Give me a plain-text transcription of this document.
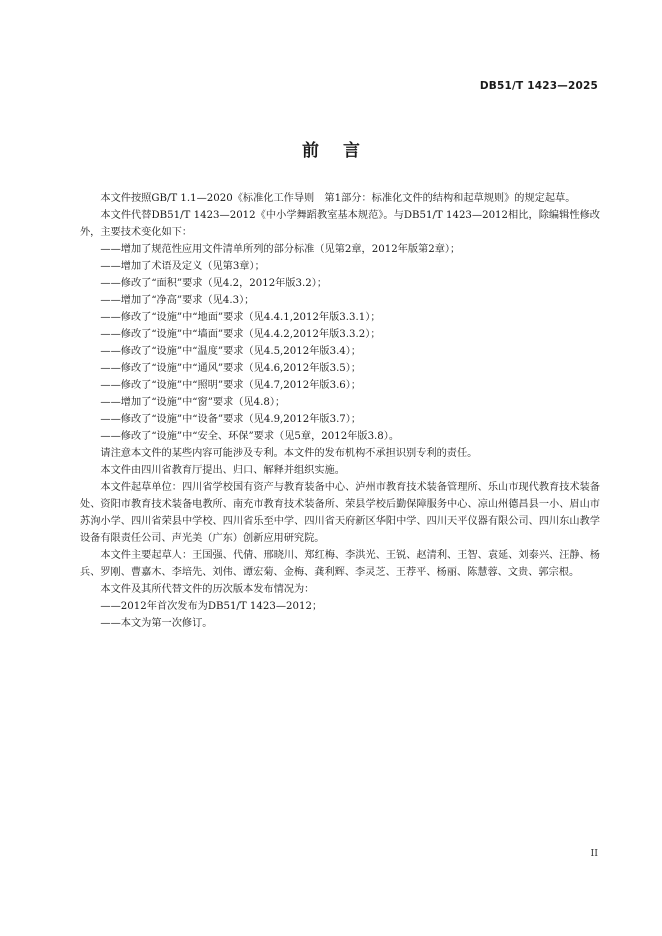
DB51/T 1423—2025
前言

本文件按照GB/T 1.1—2020《标准化工作导则　第1部分：标准化文件的结构和起草规则》的规定起草。

本文件代替DB51/T 1423—2012《中小学舞蹈教室基本规范》。与DB51/T 1423—2012相比，除编辑性修改外，主要技术变化如下：

——增加了规范性应用文件清单所列的部分标准（见第2章，2012年版第2章）；

——增加了术语及定义（见第3章）；

——修改了“面积”要求（见4.2，2012年版3.2）；

——增加了“净高”要求（见4.3）；

——修改了“设施”中“地面”要求（见4.4.1,2012年版3.3.1）；

——修改了“设施”中“墙面”要求（见4.4.2,2012年版3.3.2）；

——修改了“设施”中“温度”要求（见4.5,2012年版3.4）；

——修改了“设施”中“通风”要求（见4.6,2012年版3.5）；

——修改了“设施”中“照明”要求（见4.7,2012年版3.6）；

——增加了“设施”中“窗”要求（见4.8）；

——修改了“设施”中“设备”要求（见4.9,2012年版3.7）；

——修改了“设施”中“安全、环保”要求（见5章，2012年版3.8）。

请注意本文件的某些内容可能涉及专利。本文件的发布机构不承担识别专利的责任。

本文件由四川省教育厅提出、归口、解释并组织实施。

本文件起草单位：四川省学校国有资产与教育装备中心、泸州市教育技术装备管理所、乐山市现代教育技术装备处、资阳市教育技术装备电教所、南充市教育技术装备所、荣县学校后勤保障服务中心、凉山州德昌县一小、眉山市苏洵小学、四川省荣县中学校、四川省乐至中学、四川省天府新区华阳中学、四川天平仪器有限公司、四川东山教学设备有限责任公司、声光美（广东）创新应用研究院。

本文件主要起草人：王国强、代倩、邢晓川、郑红梅、李洪光、王锐、赵清利、王智、袁延、刘泰兴、汪静、杨兵、罗刚、曹嘉木、李培先、刘伟、谭宏菊、金梅、龚利辉、李灵芝、王荐平、杨丽、陈慧蓉、文贵、郭宗根。

本文件及其所代替文件的历次版本发布情况为：

——2012年首次发布为DB51/T 1423—2012；

——本文为第一次修订。

II
